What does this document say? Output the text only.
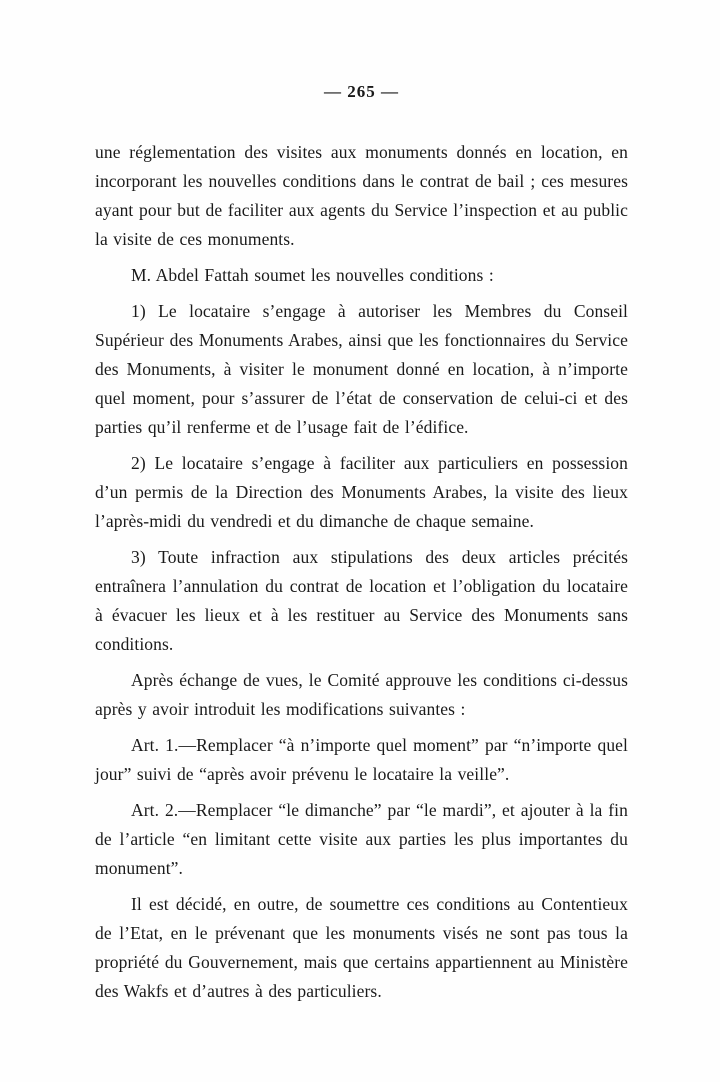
— 265 —

une réglementation des visites aux monuments donnés en location, en incorporant les nouvelles conditions dans le contrat de bail ; ces mesures ayant pour but de faciliter aux agents du Service l’inspection et au public la visite de ces monuments.

M. Abdel Fattah soumet les nouvelles conditions :

1) Le locataire s’engage à autoriser les Membres du Conseil Supérieur des Monuments Arabes, ainsi que les fonctionnaires du Service des Monuments, à visiter le monument donné en location, à n’importe quel moment, pour s’assurer de l’état de conservation de celui-ci et des parties qu’il renferme et de l’usage fait de l’édifice.

2) Le locataire s’engage à faciliter aux particuliers en possession d’un permis de la Direction des Monuments Arabes, la visite des lieux l’après-midi du vendredi et du dimanche de chaque semaine.

3) Toute infraction aux stipulations des deux articles précités entraînera l’annulation du contrat de location et l’obligation du locataire à évacuer les lieux et à les restituer au Service des Monuments sans conditions.

Après échange de vues, le Comité approuve les conditions ci-dessus après y avoir introduit les modifications suivantes :

Art. 1.—Remplacer “à n’importe quel moment” par “n’importe quel jour” suivi de “après avoir prévenu le locataire la veille”.

Art. 2.—Remplacer “le dimanche” par “le mardi”, et ajouter à la fin de l’article “en limitant cette visite aux parties les plus importantes du monument”.

Il est décidé, en outre, de soumettre ces conditions au Contentieux de l’Etat, en le prévenant que les monuments visés ne sont pas tous la propriété du Gouvernement, mais que certains appartiennent au Ministère des Wakfs et d’autres à des particuliers.
